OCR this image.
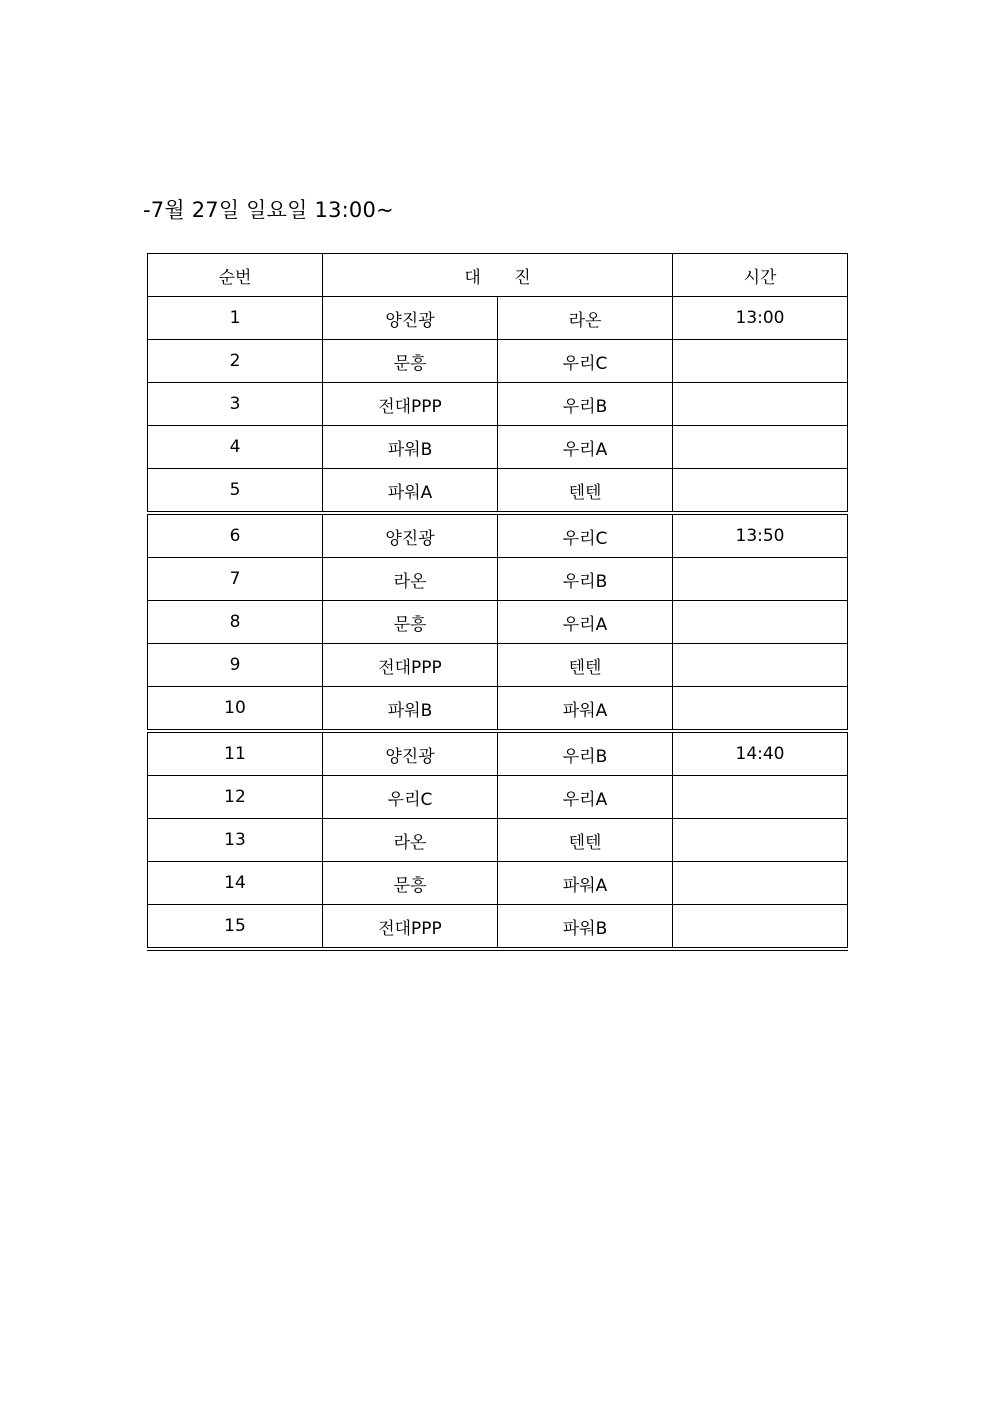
-7월 27일 일요일 13:00~
순번	대 진		시간
1	양진광	라온	13:00
2	문흥	우리C	
3	전대PPP	우리B	
4	파워B	우리A	
5	파워A	텐텐	
6	양진광	우리C	13:50
7	라온	우리B	
8	문흥	우리A	
9	전대PPP	텐텐	
10	파워B	파워A	
11	양진광	우리B	14:40
12	우리C	우리A	
13	라온	텐텐	
14	문흥	파워A	
15	전대PPP	파워B	
